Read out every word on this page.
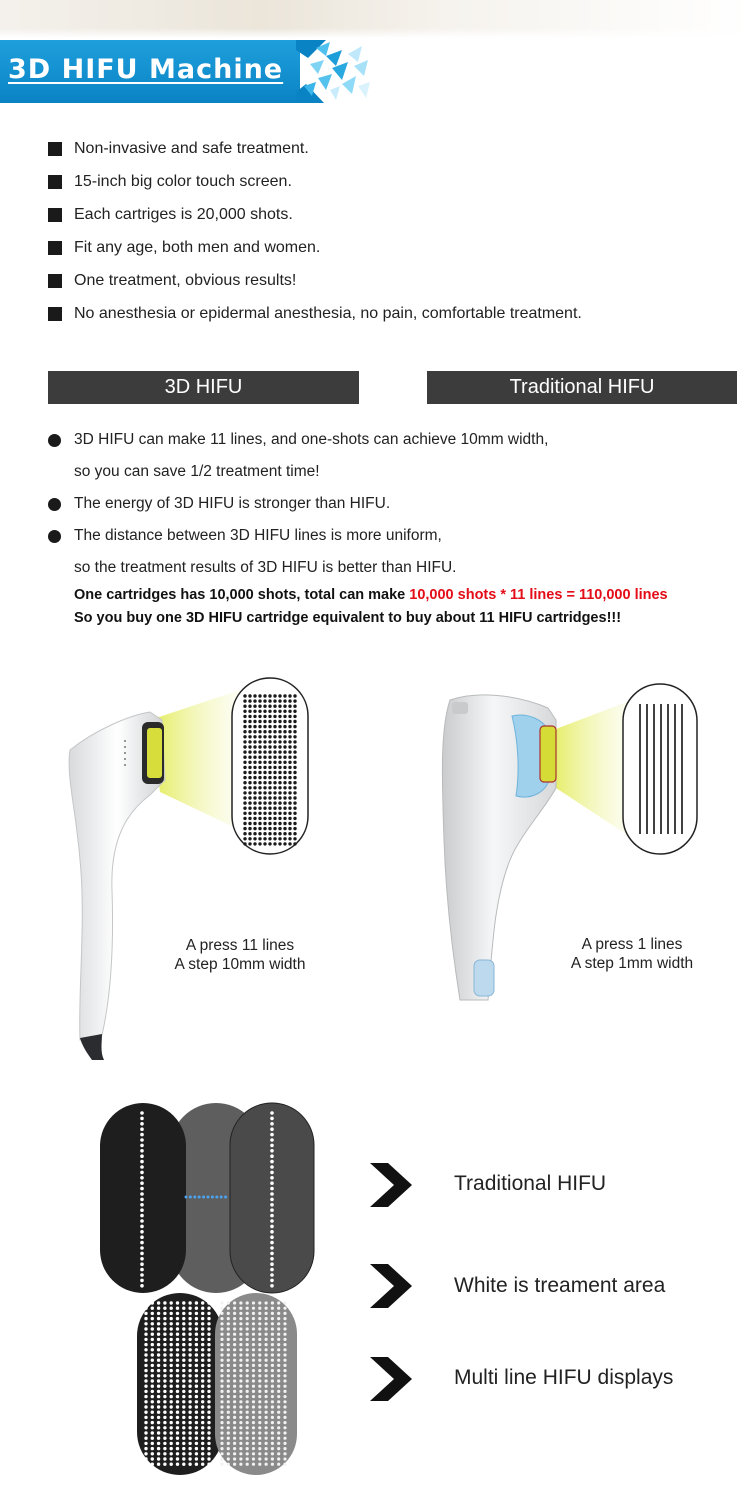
3D HIFU Machine
Non-invasive and safe treatment.
15-inch big color touch screen.
Each cartriges is 20,000 shots.
Fit any age, both men and women.
One treatment, obvious results!
No anesthesia or epidermal anesthesia, no pain, comfortable treatment.
3D HIFU	Traditional HIFU
3D HIFU can make 11 lines, and one-shots can achieve 10mm width,
so you can save 1/2 treatment time!
The energy of 3D HIFU is stronger than HIFU.
The distance between 3D HIFU lines is more uniform,
so the treatment results of 3D HIFU is better than HIFU.
One cartridges has 10,000 shots, total can make 10,000 shots * 11 lines = 110,000 lines
So you buy one 3D HIFU cartridge equivalent to buy about 11 HIFU cartridges!!!
A press 11 lines
A step 10mm width
A press 1 lines
A step 1mm width
Traditional HIFU
White is treament area
Multi line HIFU displays
